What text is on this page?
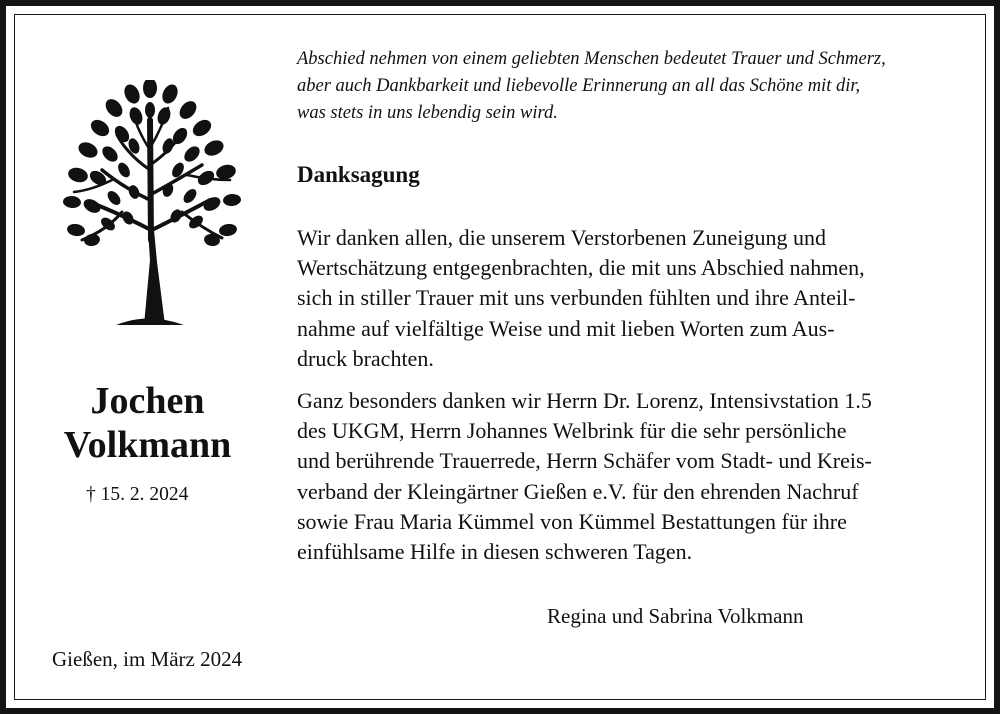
Jochen
Volkmann
† 15. 2. 2024
Gießen, im März 2024
Abschied nehmen von einem geliebten Menschen bedeutet Trauer und Schmerz,
aber auch Dankbarkeit und liebevolle Erinnerung an all das Schöne mit dir,
was stets in uns lebendig sein wird.
Danksagung
Wir danken allen, die unserem Verstorbenen Zuneigung und
Wertschätzung entgegenbrachten, die mit uns Abschied nahmen,
sich in stiller Trauer mit uns verbunden fühlten und ihre Anteil-
nahme auf vielfältige Weise und mit lieben Worten zum Aus-
druck brachten.
Ganz besonders danken wir Herrn Dr. Lorenz, Intensivstation 1.5
des UKGM, Herrn Johannes Welbrink für die sehr persönliche
und berührende Trauerrede, Herrn Schäfer vom Stadt- und Kreis-
verband der Kleingärtner Gießen e.V. für den ehrenden Nachruf
sowie Frau Maria Kümmel von Kümmel Bestattungen für ihre
einfühlsame Hilfe in diesen schweren Tagen.
Regina und Sabrina Volkmann
